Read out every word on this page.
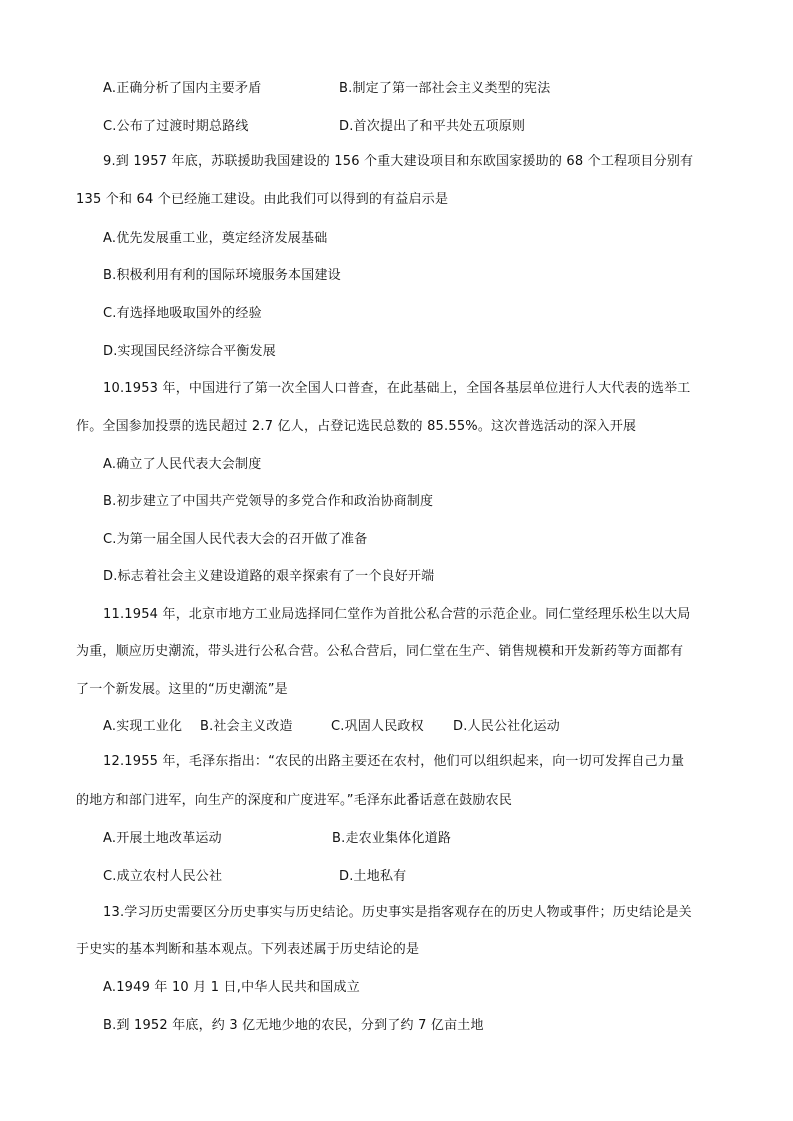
A.正确分析了国内主要矛盾	B.制定了第一部社会主义类型的宪法
C.公布了过渡时期总路线	D.首次提出了和平共处五项原则
9.到 1957 年底，苏联援助我国建设的 156 个重大建设项目和东欧国家援助的 68 个工程项目分别有
135 个和 64 个已经施工建设。由此我们可以得到的有益启示是
A.优先发展重工业，奠定经济发展基础
B.积极利用有利的国际环境服务本国建设
C.有选择地吸取国外的经验
D.实现国民经济综合平衡发展
10.1953 年，中国进行了第一次全国人口普查，在此基础上，全国各基层单位进行人大代表的选举工
作。全国参加投票的选民超过 2.7 亿人，占登记选民总数的 85.55%。这次普选活动的深入开展
A.确立了人民代表大会制度
B.初步建立了中国共产党领导的多党合作和政治协商制度
C.为第一届全国人民代表大会的召开做了准备
D.标志着社会主义建设道路的艰辛探索有了一个良好开端
11.1954 年，北京市地方工业局选择同仁堂作为首批公私合营的示范企业。同仁堂经理乐松生以大局
为重，顺应历史潮流，带头进行公私合营。公私合营后，同仁堂在生产、销售规模和开发新药等方面都有
了一个新发展。这里的“历史潮流”是
A.实现工业化 B.社会主义改造	C.巩固人民政权 D.人民公社化运动
12.1955 年，毛泽东指出：“农民的出路主要还在农村，他们可以组织起来，向一切可发挥自己力量
的地方和部门进军，向生产的深度和广度进军。”毛泽东此番话意在鼓励农民
A.开展土地改革运动	B.走农业集体化道路
C.成立农村人民公社	D.土地私有
13.学习历史需要区分历史事实与历史结论。历史事实是指客观存在的历史人物或事件；历史结论是关
于史实的基本判断和基本观点。下列表述属于历史结论的是
A.1949 年 10 月 1 日,中华人民共和国成立
B.到 1952 年底，约 3 亿无地少地的农民，分到了约 7 亿亩土地
